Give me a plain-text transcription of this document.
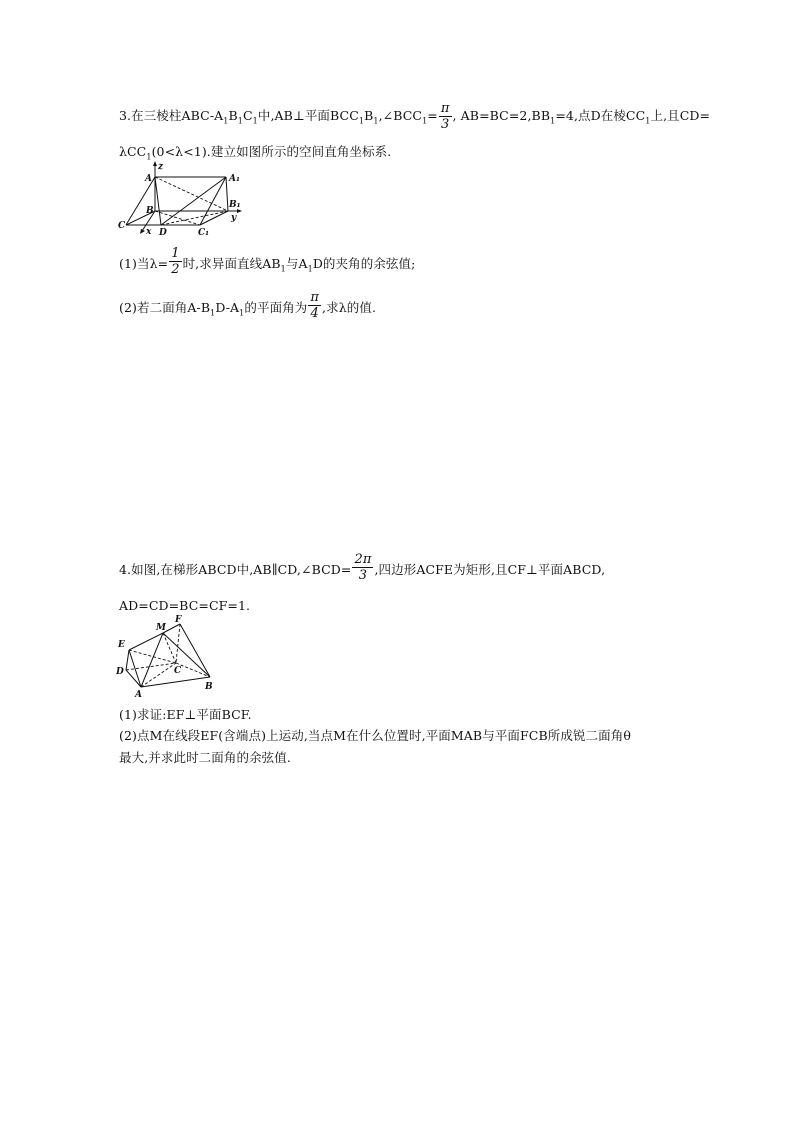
3.在三棱柱ABC-$A_1B_1C_1$中,AB⊥平面$BCC_1B_1,\angle BCC_1= \frac{\pi}{3}$ , $AB=BC=2,BB_1=4$,点D在棱$CC_1$上,且CD=
λCC$_1$(0<λ<1).建立如图所示的空间直角坐标系.
z
A	A₁
B
B₁
y
C
x D	C₁
(1)当$\lambda= \frac{1}{2}$ 时,求异面直线$AB_1$与$A_1D$的夹角的余弦值;
(2)若二面角$A-B_1D-A_1$的平面角为 $\frac{\pi}{4}$ ,求λ的值.
4.如图,在梯形ABCD中,AB∥CD,∠BCD= $\frac{2\pi}{3}$ ,四边形ACFE为矩形,且CF⊥平面ABCD,
AD=CD=BC=CF=1.
F
M
E
C
D
A
B
(1)求证:EF⊥平面BCF.
(2)点M在线段EF(含端点)上运动,当点M在什么位置时,平面MAB与平面FCB所成锐二面角θ
最大,并求此时二面角的余弦值.
